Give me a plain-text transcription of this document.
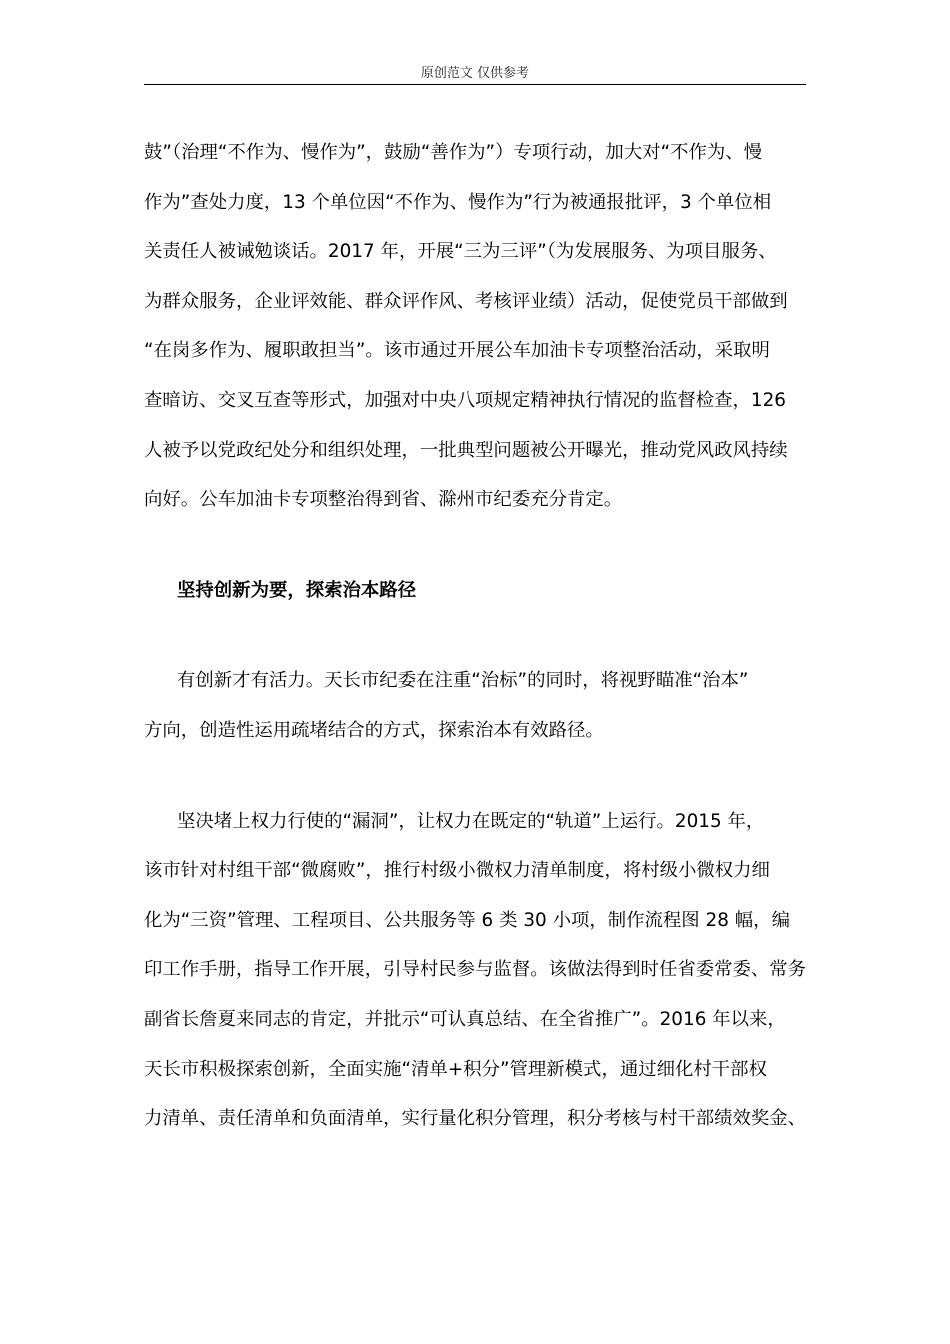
原创范文 仅供参考
鼓”（治理“不作为、慢作为”，鼓励“善作为”）专项行动，加大对“不作为、慢
作为”查处力度，13 个单位因“不作为、慢作为”行为被通报批评，3 个单位相
关责任人被诫勉谈话。2017 年，开展“三为三评”（为发展服务、为项目服务、
为群众服务，企业评效能、群众评作风、考核评业绩）活动，促使党员干部做到
“在岗多作为、履职敢担当”。该市通过开展公车加油卡专项整治活动，采取明
查暗访、交叉互查等形式，加强对中央八项规定精神执行情况的监督检查，126
人被予以党政纪处分和组织处理，一批典型问题被公开曝光，推动党风政风持续
向好。公车加油卡专项整治得到省、滁州市纪委充分肯定。
坚持创新为要，探索治本路径
有创新才有活力。天长市纪委在注重“治标”的同时，将视野瞄准“治本”
方向，创造性运用疏堵结合的方式，探索治本有效路径。
坚决堵上权力行使的“漏洞”，让权力在既定的“轨道”上运行。2015 年，
该市针对村组干部“微腐败”，推行村级小微权力清单制度，将村级小微权力细
化为“三资”管理、工程项目、公共服务等 6 类 30 小项，制作流程图 28 幅，编
印工作手册，指导工作开展，引导村民参与监督。该做法得到时任省委常委、常务
副省长詹夏来同志的肯定，并批示“可认真总结、在全省推广”。2016 年以来，
天长市积极探索创新，全面实施“清单+积分”管理新模式，通过细化村干部权
力清单、责任清单和负面清单，实行量化积分管理，积分考核与村干部绩效奖金、
